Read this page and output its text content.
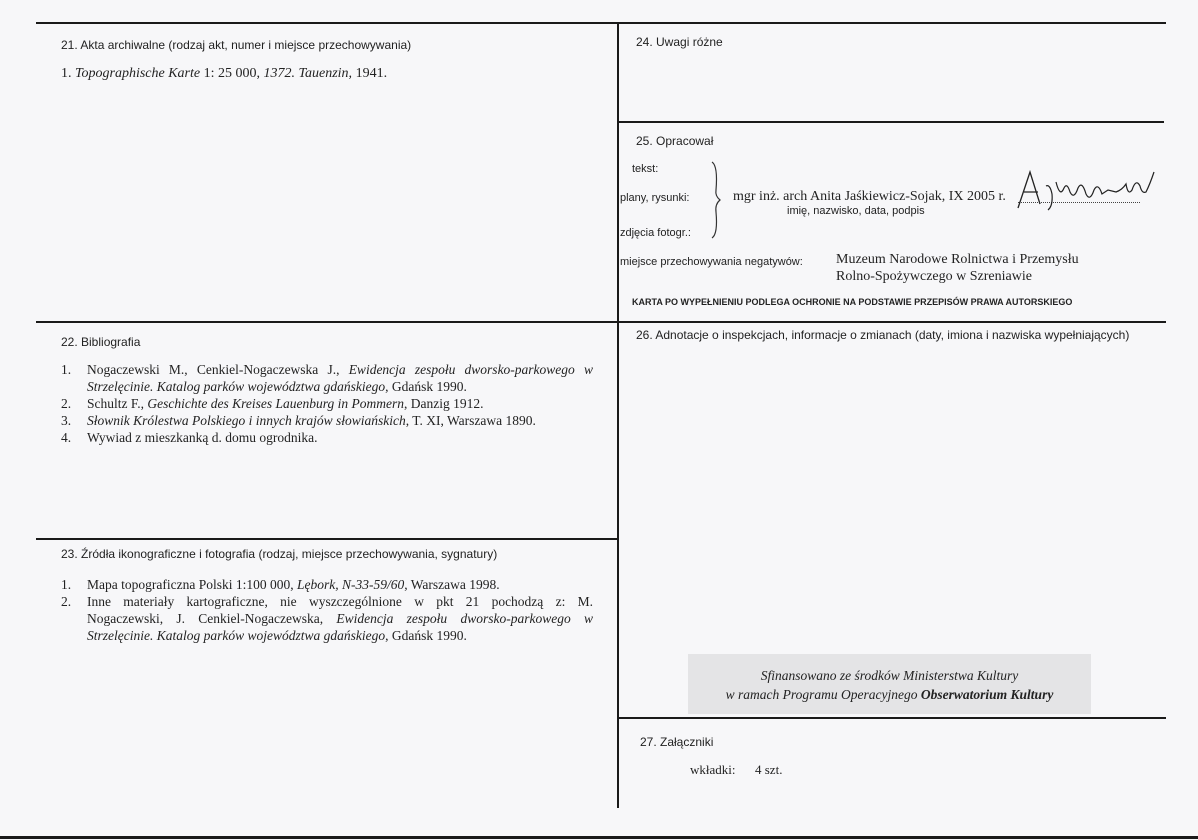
21. Akta archiwalne (rodzaj akt, numer i miejsce przechowywania)
1. Topographische Karte 1: 25 000, 1372. Tauenzin, 1941.
22. Bibliografia
1. Nogaczewski M., Cenkiel-Nogaczewska J., Ewidencja zespołu dworsko-parkowego w
Strzelęcinie. Katalog parków województwa gdańskiego, Gdańsk 1990.
2. Schultz F., Geschichte des Kreises Lauenburg in Pommern, Danzig 1912.
3. Słownik Królestwa Polskiego i innych krajów słowiańskich, T. XI, Warszawa 1890.
4. Wywiad z mieszkanką d. domu ogrodnika.
23. Źródła ikonograficzne i fotografia (rodzaj, miejsce przechowywania, sygnatury)
1. Mapa topograficzna Polski 1:100 000, Lębork, N-33-59/60, Warszawa 1998.
2. Inne materiały kartograficzne, nie wyszczególnione w pkt 21 pochodzą z: M.
Nogaczewski, J. Cenkiel-Nogaczewska, Ewidencja zespołu dworsko-parkowego w
Strzelęcinie. Katalog parków województwa gdańskiego, Gdańsk 1990.
24. Uwagi różne
25. Opracował
tekst:
plany, rysunki:
zdjęcia fotogr.:
mgr inż. arch Anita Jaśkiewicz-Sojak, IX 2005 r.
imię, nazwisko, data, podpis
miejsce przechowywania negatywów: Muzeum Narodowe Rolnictwa i Przemysłu
Rolno-Spożywczego w Szreniawie
KARTA PO WYPEŁNIENIU PODLEGA OCHRONIE NA PODSTAWIE PRZEPISÓW PRAWA AUTORSKIEGO
26. Adnotacje o inspekcjach, informacje o zmianach (daty, imiona i nazwiska wypełniających)
Sfinansowano ze środków Ministerstwa Kultury
w ramach Programu Operacyjnego Obserwatorium Kultury
27. Załączniki
wkładki: 4 szt.
